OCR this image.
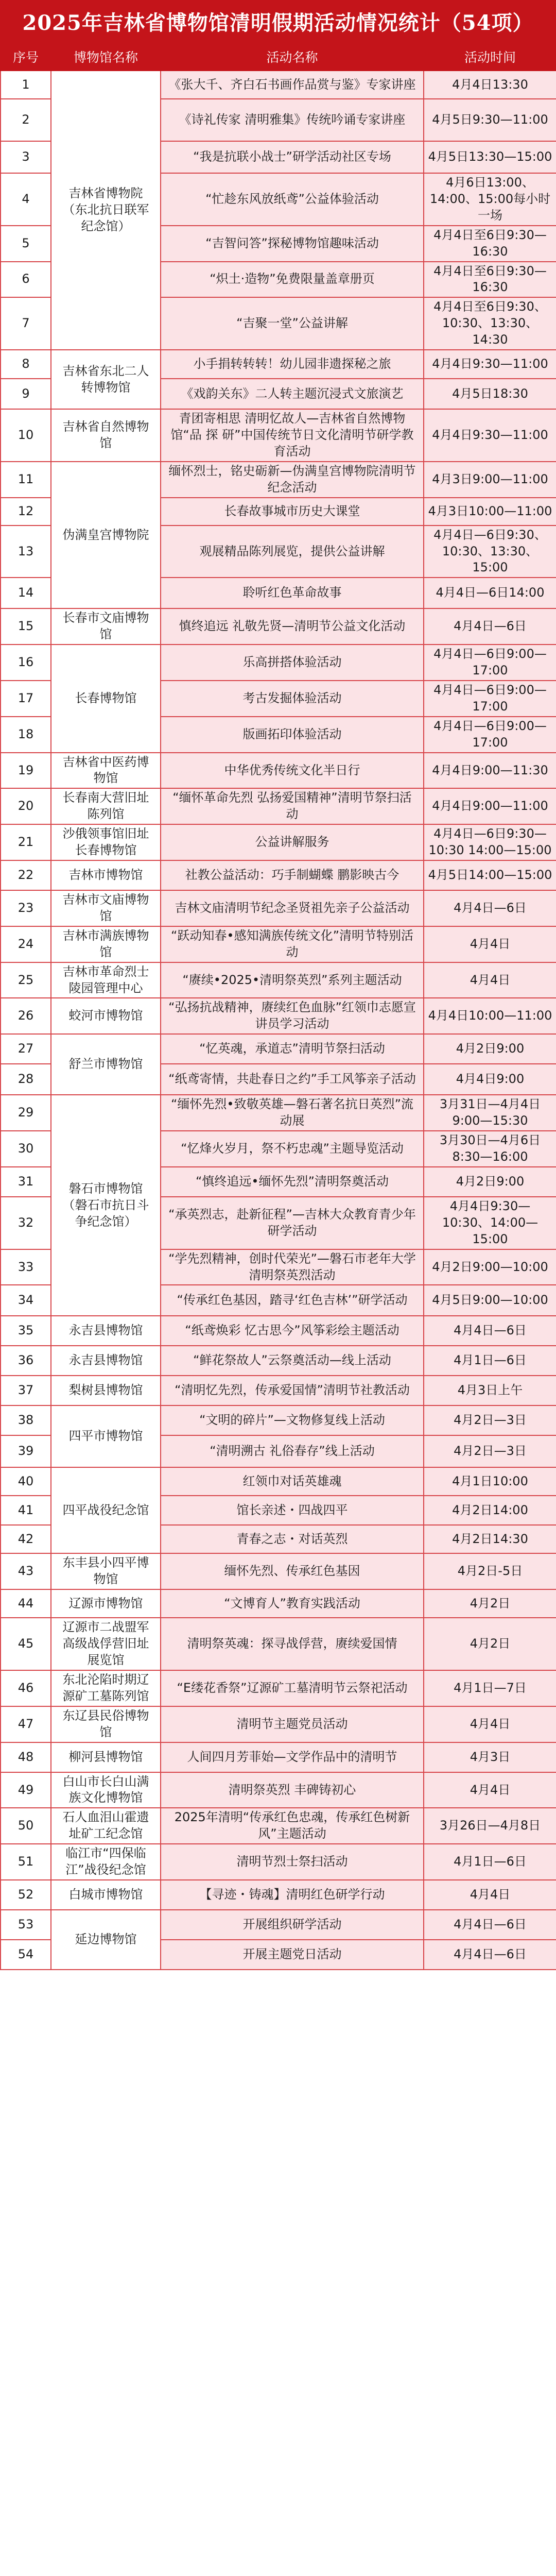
2025年吉林省博物馆清明假期活动情况统计（54项）
序号	博物馆名称	活动名称	活动时间
1	吉林省博物院（东北抗日联军纪念馆）	《张大千、齐白石书画作品赏与鉴》专家讲座	4月4日13:30
2		《诗礼传家 清明雅集》传统吟诵专家讲座	4月5日9:30—11:00
3		“我是抗联小战士”研学活动社区专场	4月5日13:30—15:00
4		“忙趁东风放纸鸢”公益体验活动	4月6日13:00、14:00、15:00每小时一场
5		“吉智问答”探秘博物馆趣味活动	4月4日至6日9:30—16:30
6		“炽土·造物”免费限量盖章册页	4月4日至6日9:30—16:30
7		“吉聚一堂”公益讲解	4月4日至6日9:30、10:30、13:30、14:30
8	吉林省东北二人转博物馆	小手捐转转转！幼儿园非遗探秘之旅	4月4日9:30—11:00
9		《戏韵关东》二人转主题沉浸式文旅演艺	4月5日18:30
10	吉林省自然博物馆	青团寄相思 清明忆故人—吉林省自然博物馆“品 探 研”中国传统节日文化清明节研学教育活动	4月4日9:30—11:00
11	伪满皇宫博物院	缅怀烈士，铭史砺新—伪满皇宫博物院清明节纪念活动	4月3日9:00—11:00
12		长春故事城市历史大课堂	4月3日10:00—11:00
13		观展精品陈列展览，提供公益讲解	4月4日—6日9:30、10:30、13:30、15:00
14		聆听红色革命故事	4月4日—6日14:00
15	长春市文庙博物馆	慎终追远 礼敬先贤—清明节公益文化活动	4月4日—6日
16	长春博物馆	乐高拼搭体验活动	4月4日—6日9:00—17:00
17		考古发掘体验活动	4月4日—6日9:00—17:00
18		版画拓印体验活动	4月4日—6日9:00—17:00
19	吉林省中医药博物馆	中华优秀传统文化半日行	4月4日9:00—11:30
20	长春南大营旧址陈列馆	“缅怀革命先烈 弘扬爱国精神”清明节祭扫活动	4月4日9:00—11:00
21	沙俄领事馆旧址长春博物馆	公益讲解服务	4月4日—6日9:30—10:30 14:00—15:00
22	吉林市博物馆	社教公益活动：巧手制蝴蝶 鹏影映古今	4月5日14:00—15:00
23	吉林市文庙博物馆	吉林文庙清明节纪念圣贤祖先亲子公益活动	4月4日—6日
24	吉林市满族博物馆	“跃动知春•感知满族传统文化”清明节特别活动	4月4日
25	吉林市革命烈士陵园管理中心	“赓续•2025•清明祭英烈”系列主题活动	4月4日
26	蛟河市博物馆	“弘扬抗战精神，赓续红色血脉”红领巾志愿宣讲员学习活动	4月4日10:00—11:00
27	舒兰市博物馆	“忆英魂，承道志”清明节祭扫活动	4月2日9:00
28		“纸鸢寄情，共赴春日之约”手工风筝亲子活动	4月4日9:00
29	磐石市博物馆（磐石市抗日斗争纪念馆）	“缅怀先烈•致敬英雄—磐石著名抗日英烈”流动展	3月31日—4月4日9:00—15:30
30		“忆烽火岁月，祭不朽忠魂”主题导览活动	3月30日—4月6日8:30—16:00
31		“慎终追远•缅怀先烈”清明祭奠活动	4月2日9:00
32		“承英烈志，赴新征程”—吉林大众教育青少年研学活动	4月4日9:30—10:30、14:00—15:00
33		“学先烈精神，创时代荣光”—磐石市老年大学清明祭英烈活动	4月2日9:00—10:00
34		“传承红色基因，踏寻‘红色吉林’”研学活动	4月5日9:00—10:00
35	永吉县博物馆	“纸鸢焕彩 忆古思今”风筝彩绘主题活动	4月4日—6日
36	永吉县博物馆	“鲜花祭故人”云祭奠活动—线上活动	4月1日—6日
37	梨树县博物馆	“清明忆先烈，传承爱国情”清明节社教活动	4月3日上午
38	四平市博物馆	“文明的碎片”—文物修复线上活动	4月2日—3日
39		“清明溯古 礼俗春存”线上活动	4月2日—3日
40	四平战役纪念馆	红领巾对话英雄魂	4月1日10:00
41		馆长亲述・四战四平	4月2日14:00
42		青春之志・对话英烈	4月2日14:30
43	东丰县小四平博物馆	缅怀先烈、传承红色基因	4月2日-5日
44	辽源市博物馆	“文博育人”教育实践活动	4月2日
45	辽源市二战盟军高级战俘营旧址展览馆	清明祭英魂：探寻战俘营，赓续爱国情	4月2日
46	东北沦陷时期辽源矿工墓陈列馆	“E缕花香祭”辽源矿工墓清明节云祭祀活动	4月1日—7日
47	东辽县民俗博物馆	清明节主题党员活动	4月4日
48	柳河县博物馆	人间四月芳菲始—文学作品中的清明节	4月3日
49	白山市长白山满族文化博物馆	清明祭英烈 丰碑铸初心	4月4日
50	石人血泪山霍遗址矿工纪念馆	2025年清明“传承红色忠魂，传承红色树新风”主题活动	3月26日—4月8日
51	临江市“四保临江”战役纪念馆	清明节烈士祭扫活动	4月1日—6日
52	白城市博物馆	【寻迹・铸魂】清明红色研学行动	4月4日
53	延边博物馆	开展组织研学活动	4月4日—6日
54		开展主题党日活动	4月4日—6日
